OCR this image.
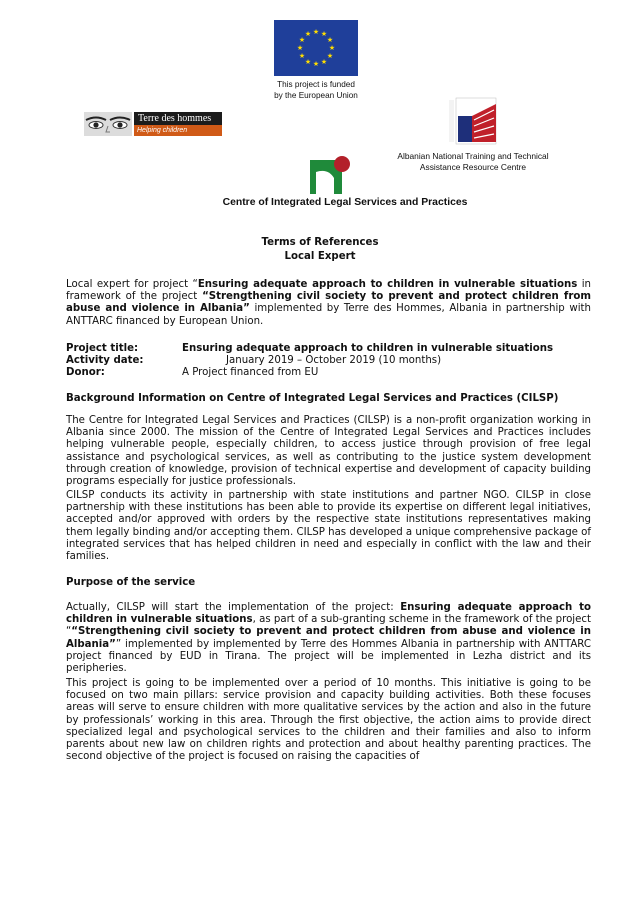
★ ★
★
★
★
★
★
★
★
★
★
★
This project is funded
by the European Union
Terre des hommes
Helping children worldwide.
Albanian National Training and Technical
Assistance Resource Centre
Centre of Integrated Legal Services and Practices
Terms of References
Local Expert
Local expert for project “Ensuring adequate approach to children in vulnerable situations in framework of the project “Strengthening civil society to prevent and protect children from abuse and violence in Albania” implemented by Terre des Hommes, Albania in partnership with ANTTARC financed by European Union.
Project title:	Ensuring adequate approach to children in vulnerable situations
Activity date:	January 2019 – October 2019 (10 months)
Donor:	A Project financed from EU
Background Information on Centre of Integrated Legal Services and Practices (CILSP)
The Centre for Integrated Legal Services and Practices (CILSP) is a non-profit organization working in Albania since 2000. The mission of the Centre of Integrated Legal Services and Practices includes helping vulnerable people, especially children, to access justice through provision of free legal assistance and psychological services, as well as contributing to the justice system development through creation of knowledge, provision of technical expertise and development of capacity building programs especially for justice professionals.
CILSP conducts its activity in partnership with state institutions and partner NGO. CILSP in close partnership with these institutions has been able to provide its expertise on different legal initiatives, accepted and/or approved with orders by the respective state institutions representatives making them legally binding and/or accepting them. CILSP has developed a unique comprehensive package of integrated services that has helped children in need and especially in conflict with the law and their families.
Purpose of the service
Actually, CILSP will start the implementation of the project: Ensuring adequate approach to children in vulnerable situations, as part of a sub-granting scheme in the framework of the project ““Strengthening civil society to prevent and protect children from abuse and violence in Albania”” implemented by implemented by Terre des Hommes Albania in partnership with ANTTARC project financed by EUD in Tirana. The project will be implemented in Lezha district and its peripheries.
This project is going to be implemented over a period of 10 months. This initiative is going to be focused on two main pillars: service provision and capacity building activities. Both these focuses areas will serve to ensure children with more qualitative services by the action and also in the future by professionals’ working in this area. Through the first objective, the action aims to provide direct specialized legal and psychological services to the children and their families and also to inform parents about new law on children rights and protection and about healthy parenting practices. The second objective of the project is focused on raising the capacities of
